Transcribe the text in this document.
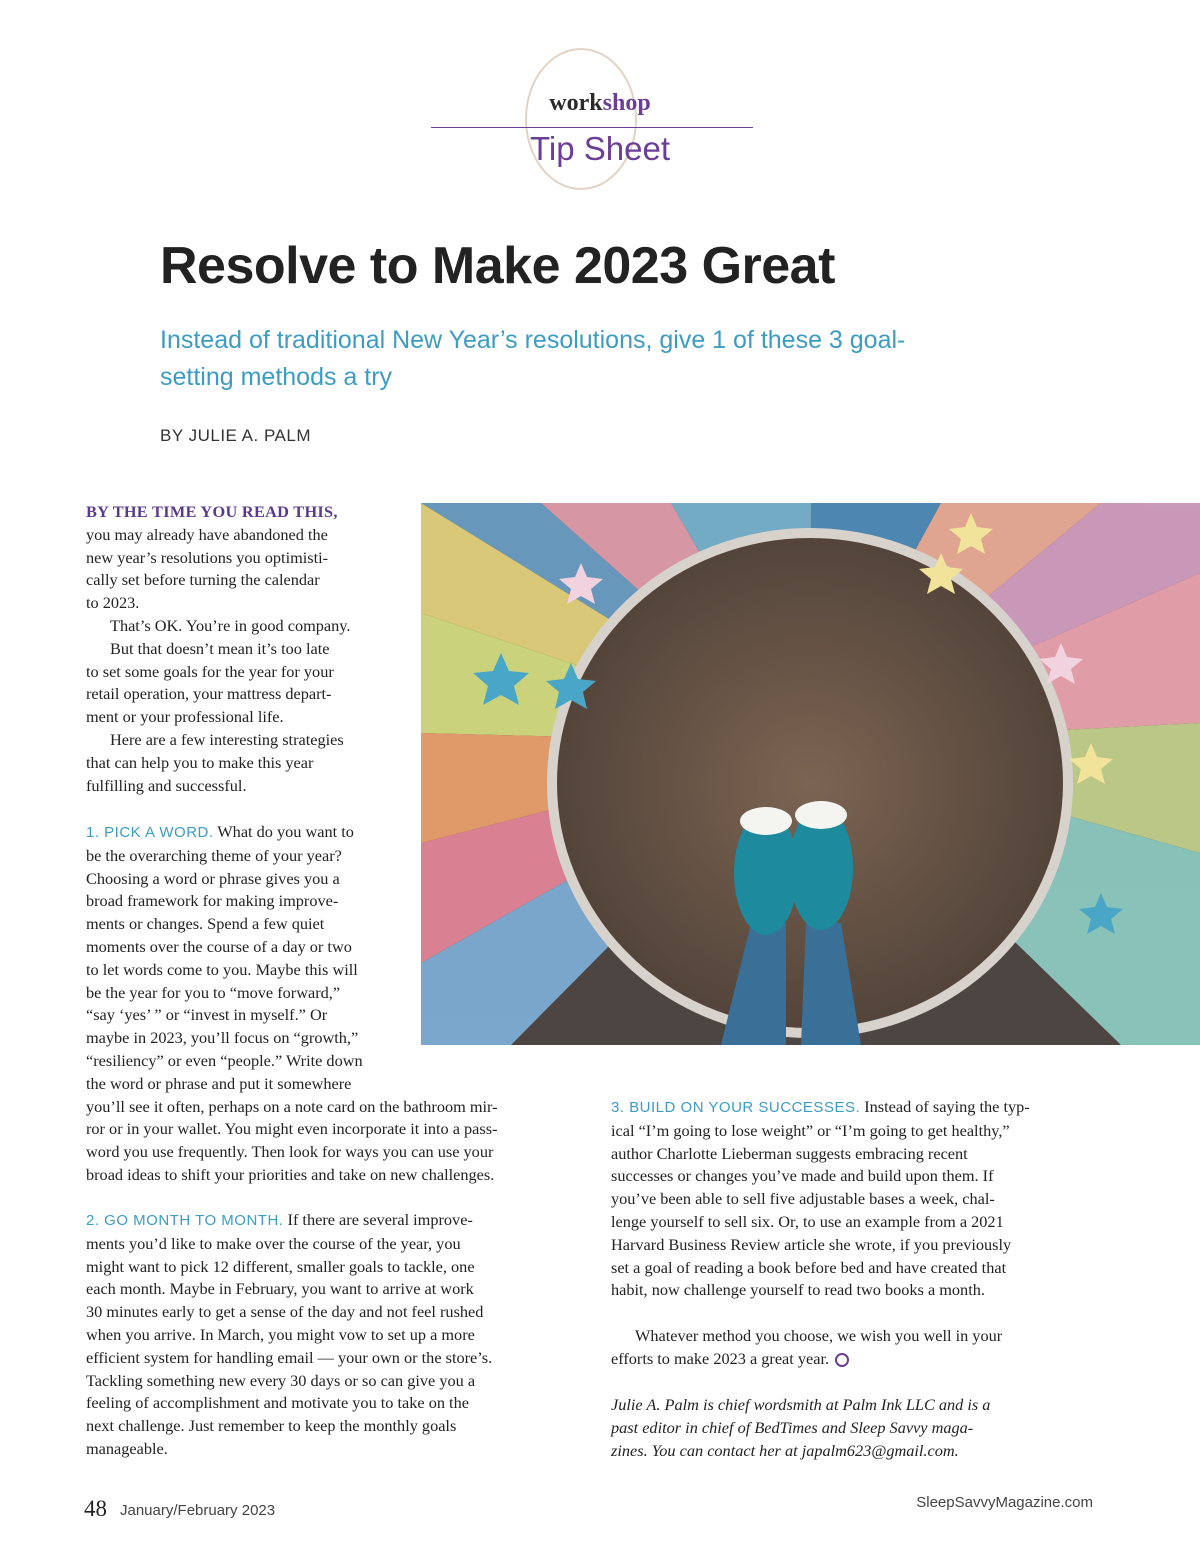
workshop
Tip Sheet
Resolve to Make 2023 Great

Instead of traditional New Year’s resolutions, give 1 of these 3 goal-setting methods a try

BY JULIE A. PALM
BY THE TIME YOU READ THIS,
you may already have abandoned the
new year’s resolutions you optimisti-
cally set before turning the calendar
to 2023.
That’s OK. You’re in good company.
But that doesn’t mean it’s too late
to set some goals for the year for your
retail operation, your mattress depart-
ment or your professional life.
Here are a few interesting strategies
that can help you to make this year
fulfilling and successful.
1. PICK A WORD. What do you want to
be the overarching theme of your year?
Choosing a word or phrase gives you a
broad framework for making improve-
ments or changes. Spend a few quiet
moments over the course of a day or two
to let words come to you. Maybe this will
be the year for you to “move forward,”
“say ‘yes’ ” or “invest in myself.” Or
maybe in 2023, you’ll focus on “growth,”
“resiliency” or even “people.” Write down
the word or phrase and put it somewhere
you’ll see it often, perhaps on a note card on the bathroom mir-
ror or in your wallet. You might even incorporate it into a pass-
word you use frequently. Then look for ways you can use your
broad ideas to shift your priorities and take on new challenges.
2. GO MONTH TO MONTH. If there are several improve-
ments you’d like to make over the course of the year, you
might want to pick 12 different, smaller goals to tackle, one
each month. Maybe in February, you want to arrive at work
30 minutes early to get a sense of the day and not feel rushed
when you arrive. In March, you might vow to set up a more
efficient system for handling email — your own or the store’s.
Tackling something new every 30 days or so can give you a
feeling of accomplishment and motivate you to take on the
next challenge. Just remember to keep the monthly goals
manageable.
3. BUILD ON YOUR SUCCESSES. Instead of saying the typ-
ical “I’m going to lose weight” or “I’m going to get healthy,”
author Charlotte Lieberman suggests embracing recent
successes or changes you’ve made and build upon them. If
you’ve been able to sell five adjustable bases a week, chal-
lenge yourself to sell six. Or, to use an example from a 2021
Harvard Business Review article she wrote, if you previously
set a goal of reading a book before bed and have created that
habit, now challenge yourself to read two books a month.
Whatever method you choose, we wish you well in your
efforts to make 2023 a great year.
Julie A. Palm is chief wordsmith at Palm Ink LLC and is a
past editor in chief of BedTimes and Sleep Savvy maga-
zines. You can contact her at japalm623@gmail.com.
48 January/February 2023	SleepSavvyMagazine.com
